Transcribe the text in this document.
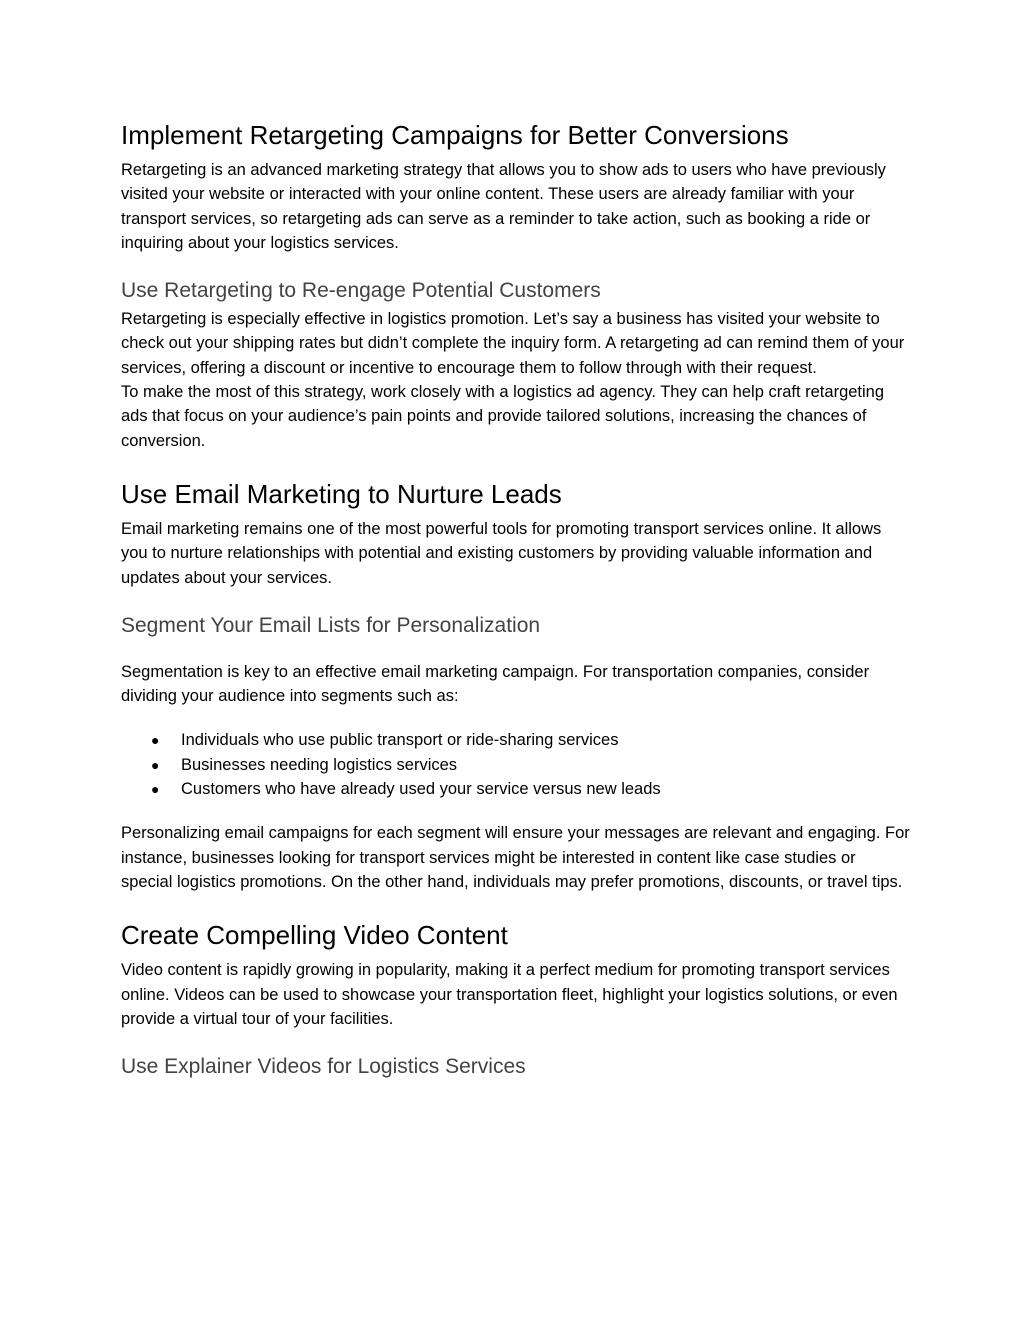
Implement Retargeting Campaigns for Better Conversions

Retargeting is an advanced marketing strategy that allows you to show ads to users who have previously visited your website or interacted with your online content. These users are already familiar with your transport services, so retargeting ads can serve as a reminder to take action, such as booking a ride or inquiring about your logistics services.

Use Retargeting to Re-engage Potential Customers

Retargeting is especially effective in logistics promotion. Let’s say a business has visited your website to check out your shipping rates but didn’t complete the inquiry form. A retargeting ad can remind them of your services, offering a discount or incentive to encourage them to follow through with their request.

To make the most of this strategy, work closely with a logistics ad agency. They can help craft retargeting ads that focus on your audience’s pain points and provide tailored solutions, increasing the chances of conversion.

Use Email Marketing to Nurture Leads

Email marketing remains one of the most powerful tools for promoting transport services online. It allows you to nurture relationships with potential and existing customers by providing valuable information and updates about your services.

Segment Your Email Lists for Personalization

Segmentation is key to an effective email marketing campaign. For transportation companies, consider dividing your audience into segments such as:

● Individuals who use public transport or ride-sharing services
● Businesses needing logistics services
● Customers who have already used your service versus new leads

Personalizing email campaigns for each segment will ensure your messages are relevant and engaging. For instance, businesses looking for transport services might be interested in content like case studies or special logistics promotions. On the other hand, individuals may prefer promotions, discounts, or travel tips.

Create Compelling Video Content

Video content is rapidly growing in popularity, making it a perfect medium for promoting transport services online. Videos can be used to showcase your transportation fleet, highlight your logistics solutions, or even provide a virtual tour of your facilities.

Use Explainer Videos for Logistics Services
